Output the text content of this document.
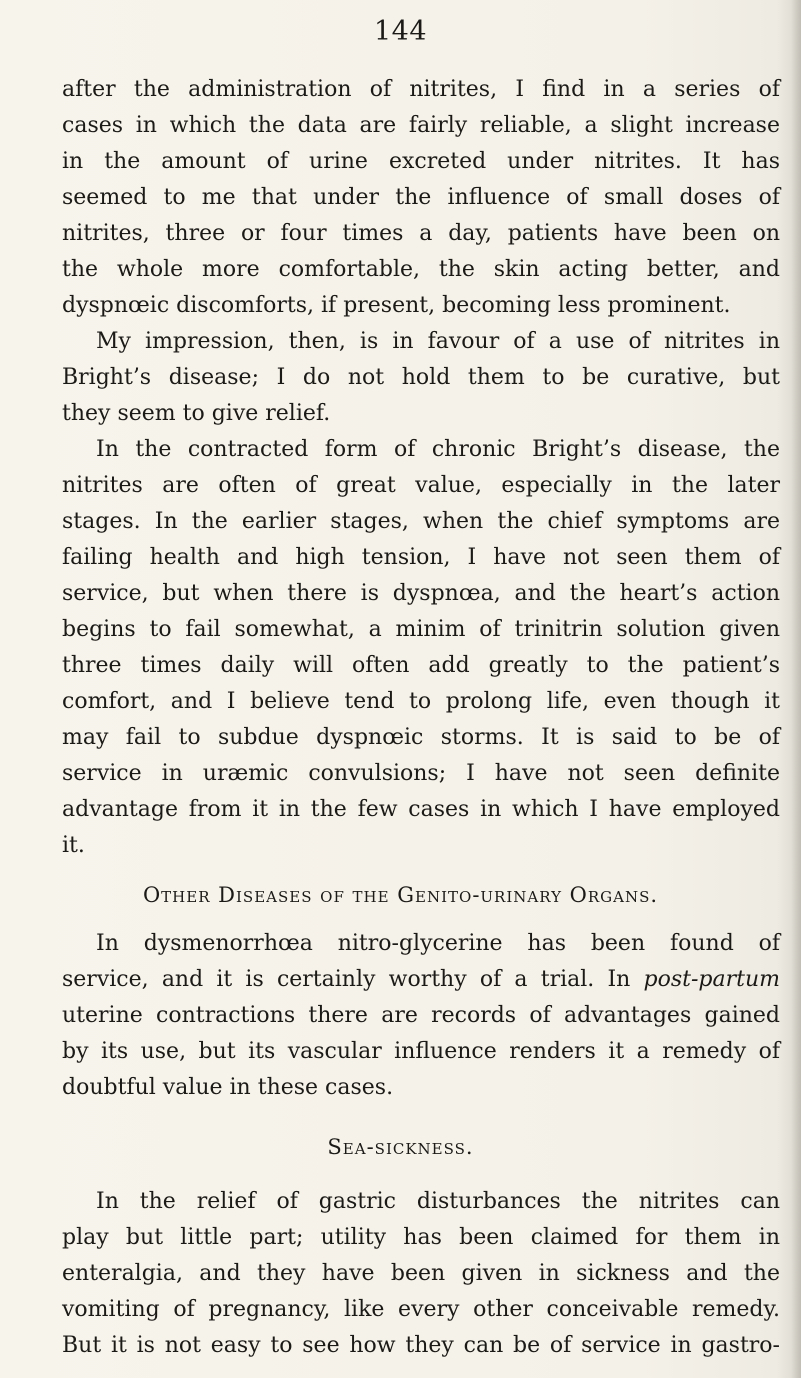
144
after the administration of nitrites, I find in a series of
cases in which the data are fairly reliable, a slight increase
in the amount of urine excreted under nitrites. It has
seemed to me that under the influence of small doses of
nitrites, three or four times a day, patients have been on
the whole more comfortable, the skin acting better, and
dyspnœic discomforts, if present, becoming less prominent.
My impression, then, is in favour of a use of nitrites in
Bright’s disease; I do not hold them to be curative, but
they seem to give relief.
In the contracted form of chronic Bright’s disease, the
nitrites are often of great value, especially in the later
stages. In the earlier stages, when the chief symptoms are
failing health and high tension, I have not seen them of
service, but when there is dyspnœa, and the heart’s action
begins to fail somewhat, a minim of trinitrin solution given
three times daily will often add greatly to the patient’s
comfort, and I believe tend to prolong life, even though it
may fail to subdue dyspnœic storms. It is said to be of
service in uræmic convulsions; I have not seen definite
advantage from it in the few cases in which I have employed
it.
Other Diseases of the Genito-urinary Organs.
In dysmenorrhœa nitro-glycerine has been found of
service, and it is certainly worthy of a trial. In post-partum
uterine contractions there are records of advantages gained
by its use, but its vascular influence renders it a remedy of
doubtful value in these cases.
Sea-sickness.
In the relief of gastric disturbances the nitrites can
play but little part; utility has been claimed for them in
enteralgia, and they have been given in sickness and the
vomiting of pregnancy, like every other conceivable remedy.
But it is not easy to see how they can be of service in gastro-
